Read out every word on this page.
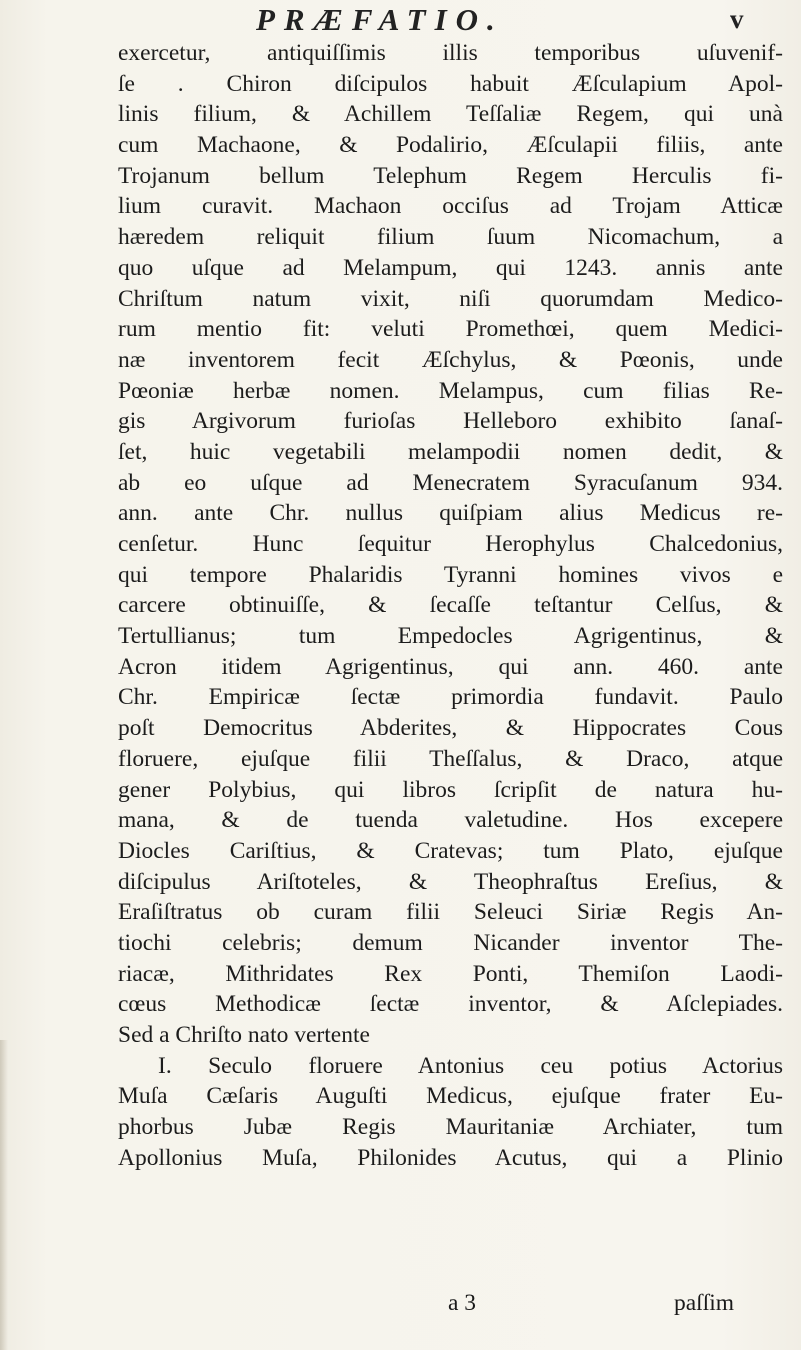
PRÆFATIO.	v
exercetur, antiquiſſimis illis temporibus uſuvenif-
ſe . Chiron diſcipulos habuit Æſculapium Apol-
linis filium, & Achillem Teſſaliæ Regem, qui unà
cum Machaone, & Podalirio, Æſculapii filiis, ante
Trojanum bellum Telephum Regem Herculis fi-
lium curavit. Machaon occiſus ad Trojam Atticæ
hæredem reliquit filium ſuum Nicomachum, a
quo uſque ad Melampum, qui 1243. annis ante
Chriſtum natum vixit, niſi quorumdam Medico-
rum mentio fit: veluti Promethœi, quem Medici-
næ inventorem fecit Æſchylus, & Pœonis, unde
Pœoniæ herbæ nomen. Melampus, cum filias Re-
gis Argivorum furioſas Helleboro exhibito ſanaſ-
ſet, huic vegetabili melampodii nomen dedit, &
ab eo uſque ad Menecratem Syracuſanum 934.
ann. ante Chr. nullus quiſpiam alius Medicus re-
cenſetur. Hunc ſequitur Herophylus Chalcedonius,
qui tempore Phalaridis Tyranni homines vivos e
carcere obtinuiſſe, & ſecaſſe teſtantur Celſus, &
Tertullianus; tum Empedocles Agrigentinus, &
Acron itidem Agrigentinus, qui ann. 460. ante
Chr. Empiricæ ſectæ primordia fundavit. Paulo
poſt Democritus Abderites, & Hippocrates Cous
floruere, ejuſque filii Theſſalus, & Draco, atque
gener Polybius, qui libros ſcripſit de natura hu-
mana, & de tuenda valetudine. Hos excepere
Diocles Cariſtius, & Cratevas; tum Plato, ejuſque
diſcipulus Ariſtoteles, & Theophraſtus Ereſius, &
Eraſiſtratus ob curam filii Seleuci Siriæ Regis An-
tiochi celebris; demum Nicander inventor The-
riacæ, Mithridates Rex Ponti, Themiſon Laodi-
cœus Methodicæ ſectæ inventor, & Aſclepiades.
Sed a Chriſto nato vertente
I. Seculo floruere Antonius ceu potius Actorius
Muſa Cæſaris Auguſti Medicus, ejuſque frater Eu-
phorbus Jubæ Regis Mauritaniæ Archiater, tum
Apollonius Muſa, Philonides Acutus, qui a Plinio
a 3	paſſim
